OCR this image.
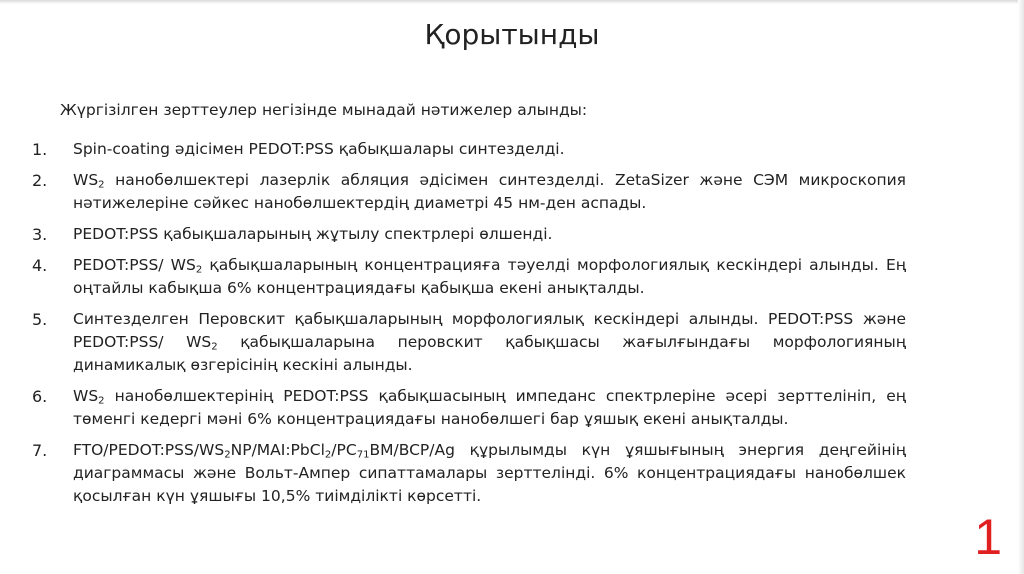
Қорытынды
Жүргізілген зерттеулер негізінде мынадай нәтижелер алынды:
1.	Spin-coating әдісімен PEDOT:PSS қабықшалары синтезделді.
2.	$WS_2$ нанобөлшектері лазерлік абляция әдісімен синтезделді. ZetaSizer және СЭМ микроскопия нәтижелеріне сәйкес нанобөлшектердің диаметрі 45 нм-ден аспады.
3.	PEDOT:PSS қабықшаларының жұтылу спектрлері өлшенді.
4.	PEDOT:PSS/ $WS_2$ қабықшаларының концентрацияға тәуелді морфологиялық кескіндері алынды. Ең оңтайлы кабықша 6% концентрациядағы қабықша екені анықталды.
5.	Синтезделген Перовскит қабықшаларының морфологиялық кескіндері алынды. PEDOT:PSS және PEDOT:PSS/ $WS_2$ қабықшаларына перовскит қабықшасы жағылғындағы морфологияның динамикалық өзгерісінің кескіні алынды.
6.	$WS_2$ нанобөлшектерінің PEDOT:PSS қабықшасының импеданс спектрлеріне әсері зерттелініп, ең төменгі кедергі мәні 6% концентрациядағы нанобөлшегі бар ұяшық екені анықталды.
7.	FTO/$PEDOT:PSS/WS_2NP/MAI:PbCl_2/PC_{71}BM/BCP/Ag$ құрылымды күн ұяшығының энергия деңгейінің диаграммасы және Вольт-Ампер сипаттамалары зерттелінді. 6% концентрациядағы нанобөлшек қосылған күн ұяшығы 10,5% тиімділікті көрсетті.
1
